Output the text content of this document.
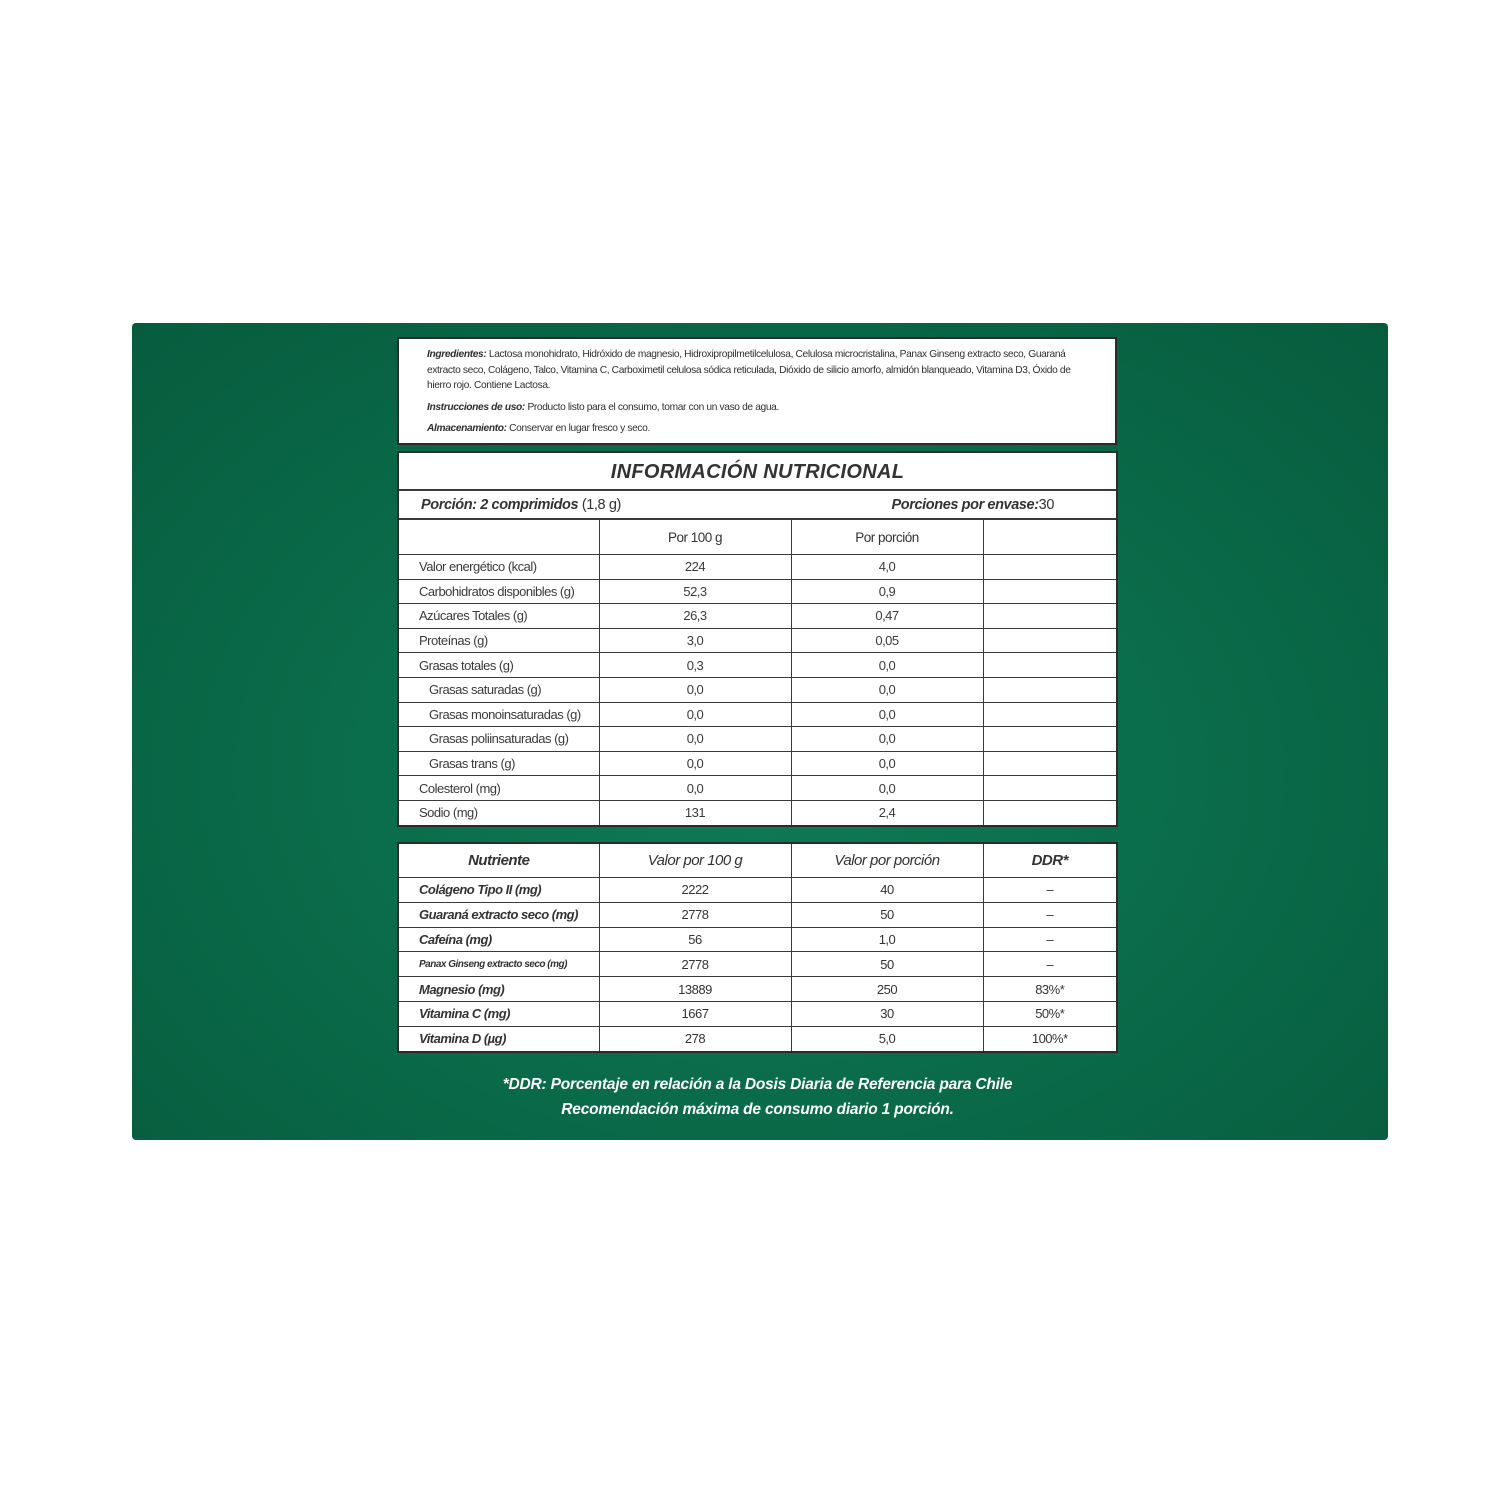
Ingredientes: Lactosa monohidrato, Hidróxido de magnesio, Hidroxipropilmetilcelulosa, Celulosa microcristalina, Panax Ginseng extracto seco, Guaraná extracto seco, Colágeno, Talco, Vitamina C, Carboximetil celulosa sódica reticulada, Dióxido de silicio amorfo, almidón blanqueado, Vitamina D3, Óxido de hierro rojo. Contiene Lactosa.

Instrucciones de uso: Producto listo para el consumo, tomar con un vaso de agua.

Almacenamiento: Conservar en lugar fresco y seco.

INFORMACIÓN NUTRICIONAL
Porción: 2 comprimidos (1,8 g)	Porciones por envase:30
	Por 100 g	Por porción	
Valor energético (kcal)	224	4,0	
Carbohidratos disponibles (g)	52,3	0,9	
Azúcares Totales (g)	26,3	0,47	
Proteínas (g)	3,0	0,05	
Grasas totales (g)	0,3	0,0	
Grasas saturadas (g)	0,0	0,0	
Grasas monoinsaturadas (g)	0,0	0,0	
Grasas poliinsaturadas (g)	0,0	0,0	
Grasas trans (g)	0,0	0,0	
Colesterol (mg)	0,0	0,0	
Sodio (mg)	131	2,4	
Nutriente	Valor por 100 g	Valor por porción	DDR*
Colágeno Tipo II (mg)	2222	40	–
Guaraná extracto seco (mg)	2778	50	–
Cafeína (mg)	56	1,0	–
Panax Ginseng extracto seco (mg)	2778	50	–
Magnesio (mg)	13889	250	83%*
Vitamina C (mg)	1667	30	50%*
Vitamina D (µg)	278	5,0	100%*
*DDR: Porcentaje en relación a la Dosis Diaria de Referencia para Chile
Recomendación máxima de consumo diario 1 porción.
